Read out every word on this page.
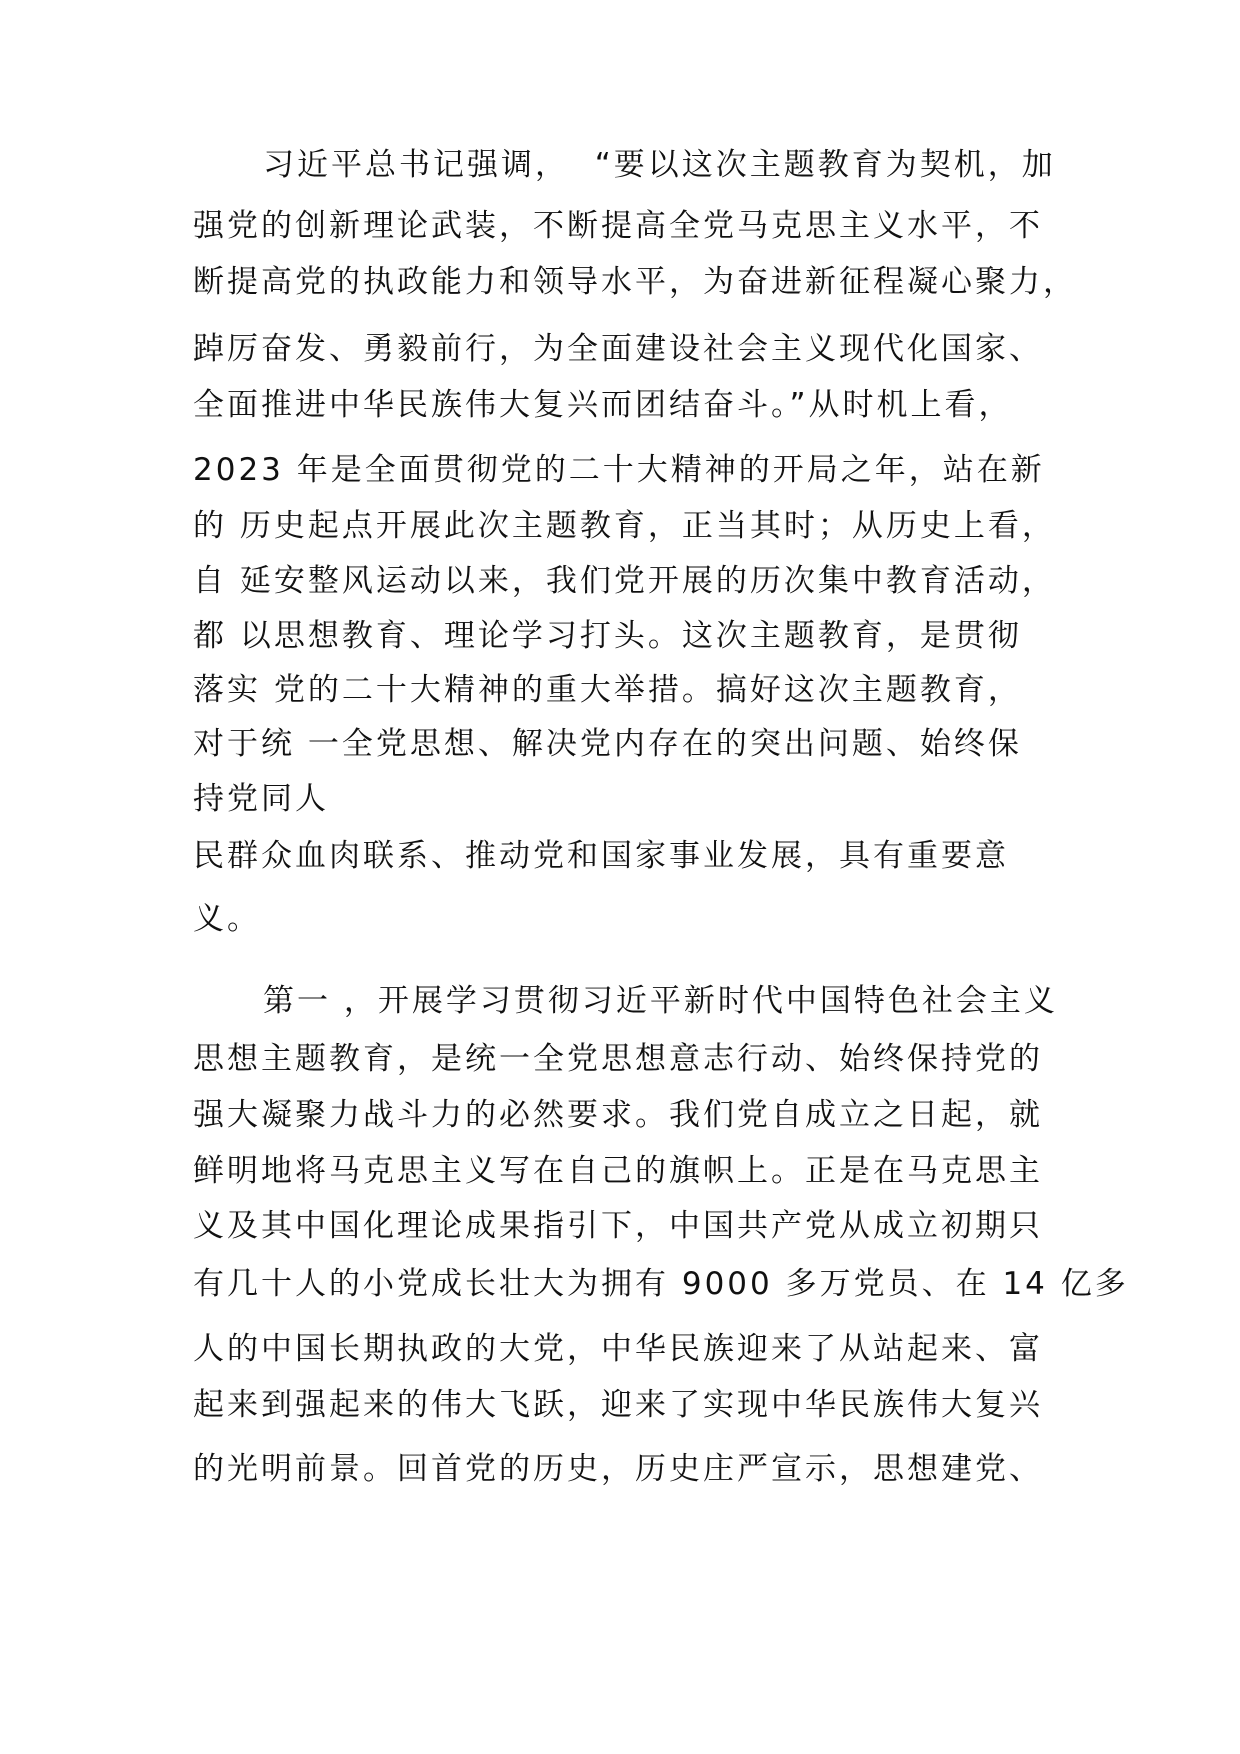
习近平总书记强调，  “要以这次主题教育为契机，加
强党的创新理论武装，不断提高全党马克思主义水平，不
断提高党的执政能力和领导水平，为奋进新征程凝心聚力，
踔厉奋发、勇毅前行，为全面建设社会主义现代化国家、
全面推进中华民族伟大复兴而团结奋斗。”从时机上看，
2023 年是全面贯彻党的二十大精神的开局之年，站在新
的 历史起点开展此次主题教育，正当其时；从历史上看，
自 延安整风运动以来，我们党开展的历次集中教育活动，
都 以思想教育、理论学习打头。这次主题教育，是贯彻
落实 党的二十大精神的重大举措。搞好这次主题教育，
对于统 一全党思想、解决党内存在的突出问题、始终保
持党同人
民群众血肉联系、推动党和国家事业发展，具有重要意
义。
第一 ，开展学习贯彻习近平新时代中国特色社会主义
思想主题教育，是统一全党思想意志行动、始终保持党的
强大凝聚力战斗力的必然要求。我们党自成立之日起，就
鲜明地将马克思主义写在自己的旗帜上。正是在马克思主
义及其中国化理论成果指引下，中国共产党从成立初期只
有几十人的小党成长壮大为拥有 9000 多万党员、在 14 亿多
人的中国长期执政的大党，中华民族迎来了从站起来、富
起来到强起来的伟大飞跃，迎来了实现中华民族伟大复兴
的光明前景。回首党的历史，历史庄严宣示，思想建党、
